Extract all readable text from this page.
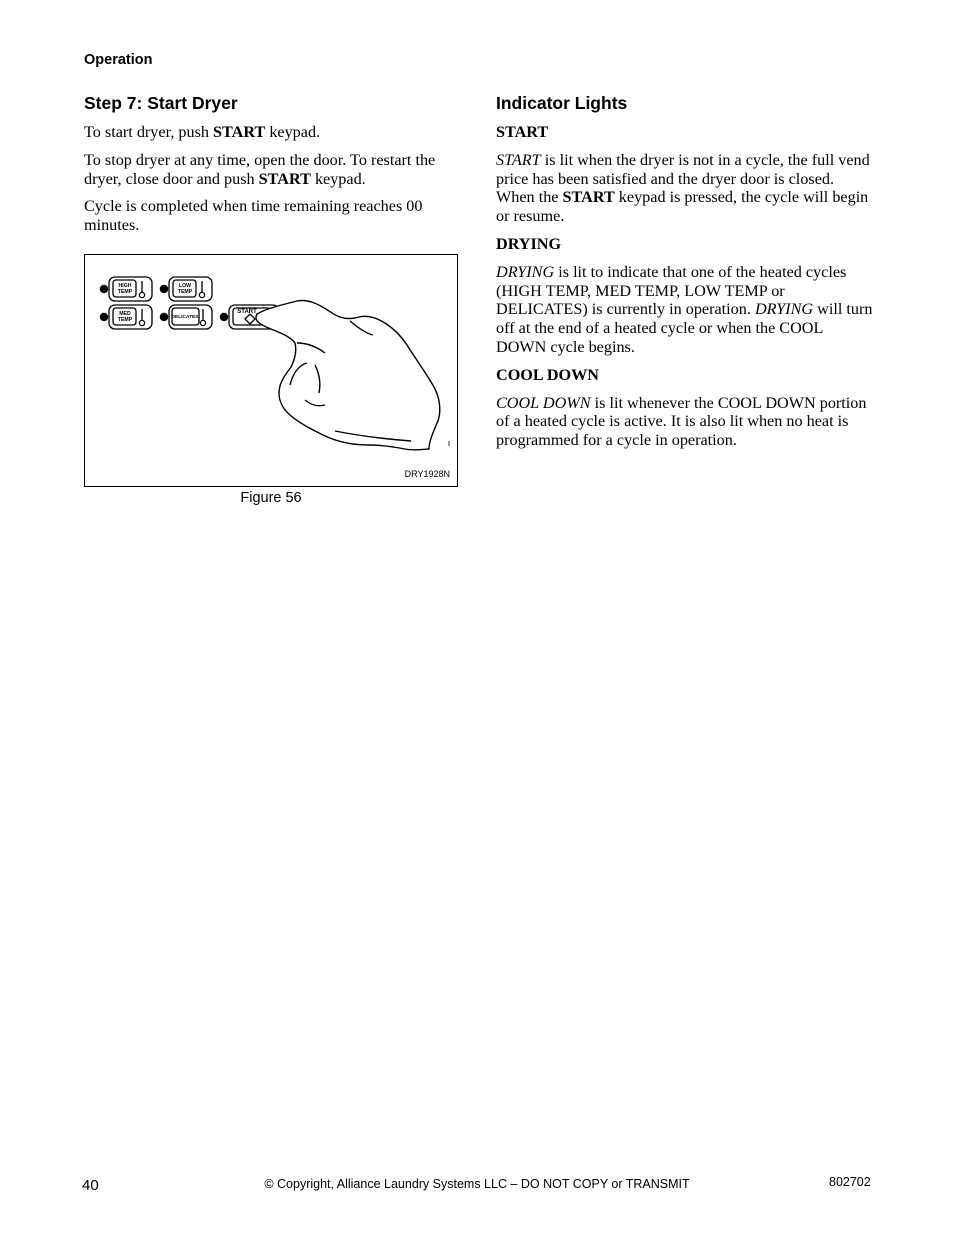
Operation
Step 7: Start Dryer

To start dryer, push START keypad.

To stop dryer at any time, open the door. To restart the dryer, close door and push START keypad.

Cycle is completed when time remaining reaches 00 minutes.

HIGH
TEMP
LOW
TEMP
MED
TEMP	DELICATES
START
DRY1928N
Figure 56
Indicator Lights
START

START is lit when the dryer is not in a cycle, the full vend price has been satisfied and the dryer door is closed. When the START keypad is pressed, the cycle will begin or resume.

DRYING

DRYING is lit to indicate that one of the heated cycles (HIGH TEMP, MED TEMP, LOW TEMP or DELICATES) is currently in operation. DRYING will turn off at the end of a heated cycle or when the COOL DOWN cycle begins.

COOL DOWN

COOL DOWN is lit whenever the COOL DOWN portion of a heated cycle is active. It is also lit when no heat is programmed for a cycle in operation.

40	© Copyright, Alliance Laundry Systems LLC – DO NOT COPY or TRANSMIT	802702
